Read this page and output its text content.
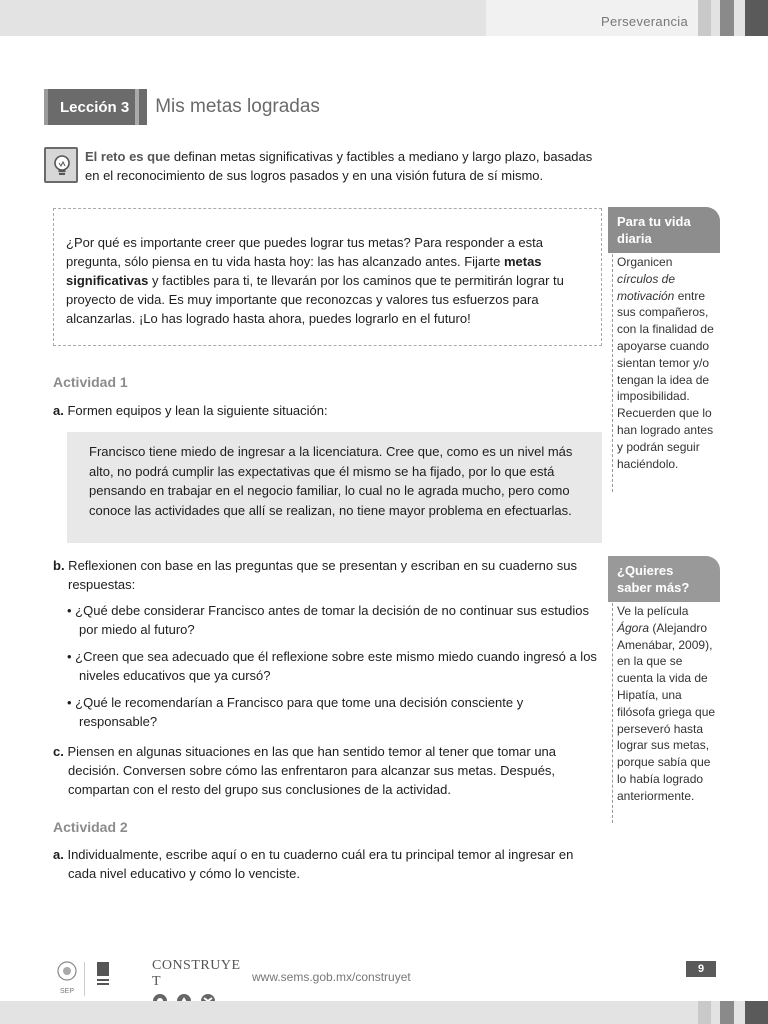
Perseverancia
Lección 3 Mis metas logradas
El reto es que definan metas significativas y factibles a mediano y largo plazo, basadas en el reconocimiento de sus logros pasados y en una visión futura de sí mismo.
¿Por qué es importante creer que puedes lograr tus metas? Para responder a esta pregunta, sólo piensa en tu vida hasta hoy: las has alcanzado antes. Fijarte metas significativas y factibles para ti, te llevarán por los caminos que te permitirán lograr tu proyecto de vida. Es muy importante que reconozcas y valores tus esfuerzos para alcanzarlas. ¡Lo has logrado hasta ahora, puedes lograrlo en el futuro!
Para tu vida diaria
Organicen círculos de motivación entre sus compañeros, con la finalidad de apoyarse cuando sientan temor y/o tengan la idea de imposibilidad. Recuerden que lo han logrado antes y podrán seguir haciéndolo.
¿Quieres saber más?
Ve la película Ágora (Alejandro Amenábar, 2009), en la que se cuenta la vida de Hipatía, una filósofa griega que perseveró hasta lograr sus metas, porque sabía que lo había logrado anteriormente.
Actividad 1
a. Formen equipos y lean la siguiente situación:
Francisco tiene miedo de ingresar a la licenciatura. Cree que, como es un nivel más alto, no podrá cumplir las expectativas que él mismo se ha fijado, por lo que está pensando en trabajar en el negocio familiar, lo cual no le agrada mucho, pero como conoce las actividades que allí se realizan, no tiene mayor problema en efectuarlas.
b. Reflexionen con base en las preguntas que se presentan y escriban en su cuaderno sus respuestas:
• ¿Qué debe considerar Francisco antes de tomar la decisión de no continuar sus estudios por miedo al futuro?
• ¿Creen que sea adecuado que él reflexione sobre este mismo miedo cuando ingresó a los niveles educativos que ya cursó?
• ¿Qué le recomendarían a Francisco para que tome una decisión consciente y responsable?
c. Piensen en algunas situaciones en las que han sentido temor al tener que tomar una decisión. Conversen sobre cómo las enfrentaron para alcanzar sus metas. Después, compartan con el resto del grupo sus conclusiones de la actividad.
Actividad 2
a. Individualmente, escribe aquí o en tu cuaderno cuál era tu principal temor al ingresar en cada nivel educativo y cómo lo venciste.
SEP
CONSTRUYE T	www.sems.gob.mx/construyet
9
